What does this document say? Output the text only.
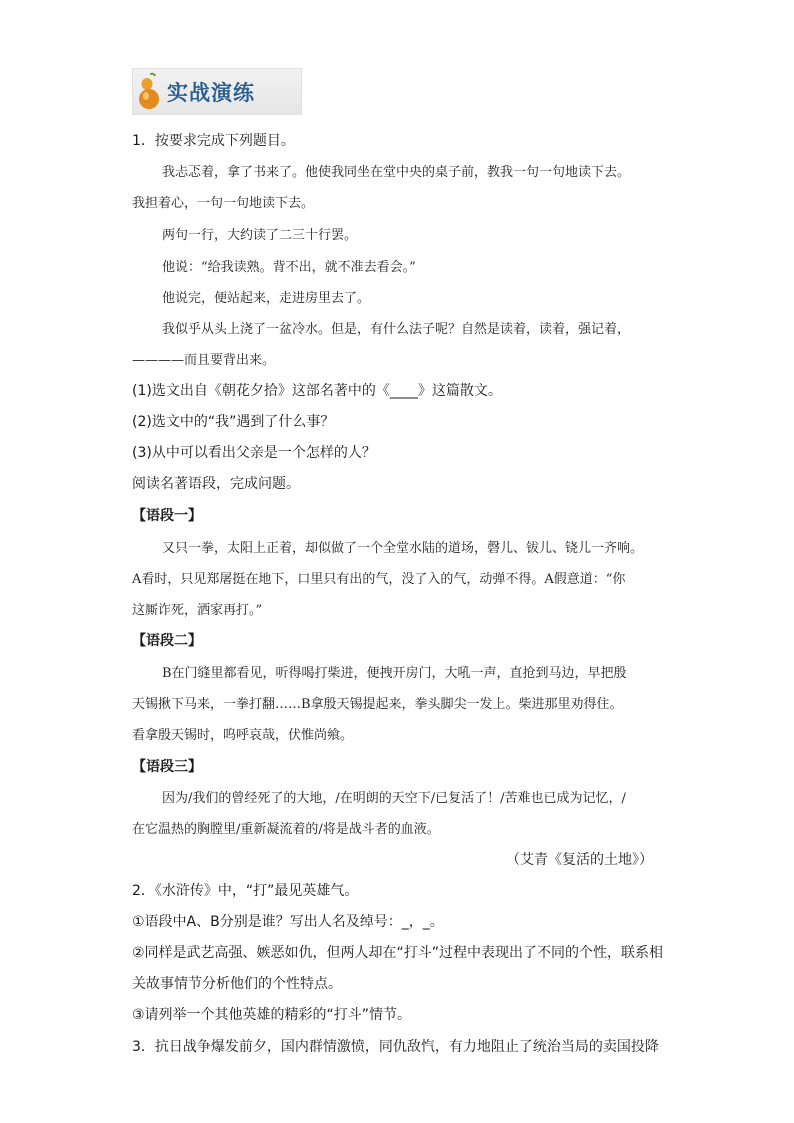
实战演练
1．按要求完成下列题目。
我忐忑着，拿了书来了。他使我同坐在堂中央的桌子前，教我一句一句地读下去。
我担着心，一句一句地读下去。
两句一行，大约读了二三十行罢。
他说：“给我读熟。背不出，就不准去看会。”
他说完，便站起来，走进房里去了。
我似乎从头上浇了一盆冷水。但是，有什么法子呢？自然是读着，读着，强记着，
————而且要背出来。
(1)选文出自《朝花夕拾》这部名著中的《____》这篇散文。
(2)选文中的“我”遇到了什么事？
(3)从中可以看出父亲是一个怎样的人？
阅读名著语段，完成问题。
【语段一】
又只一拳，太阳上正着，却似做了一个全堂水陆的道场，磬儿、钹儿、铙儿一齐响。
A看时，只见郑屠挺在地下，口里只有出的气，没了入的气，动弹不得。A假意道：“你
这厮诈死，洒家再打。”
【语段二】
B在门缝里都看见，听得喝打柴进，便拽开房门，大吼一声，直抢到马边，早把殷
天锡揪下马来，一拳打翻……B拿殷天锡提起来，拳头脚尖一发上。柴进那里劝得住。
看拿殷天锡时，呜呼哀哉，伏惟尚飨。
【语段三】
因为/我们的曾经死了的大地，/在明朗的天空下/已复活了！/苦难也已成为记忆，/
在它温热的胸膛里/重新凝流着的/将是战斗者的血液。
（艾青《复活的土地》）
2．《水浒传》中，“打”最见英雄气。
①语段中A、B分别是谁？写出人名及绰号：_，_。
②同样是武艺高强、嫉恶如仇，但两人却在“打斗”过程中表现出了不同的个性，联系相
关故事情节分析他们的个性特点。
③请列举一个其他英雄的精彩的“打斗”情节。
3．抗日战争爆发前夕，国内群情激愤，同仇敌忾，有力地阻止了统治当局的卖国投降
